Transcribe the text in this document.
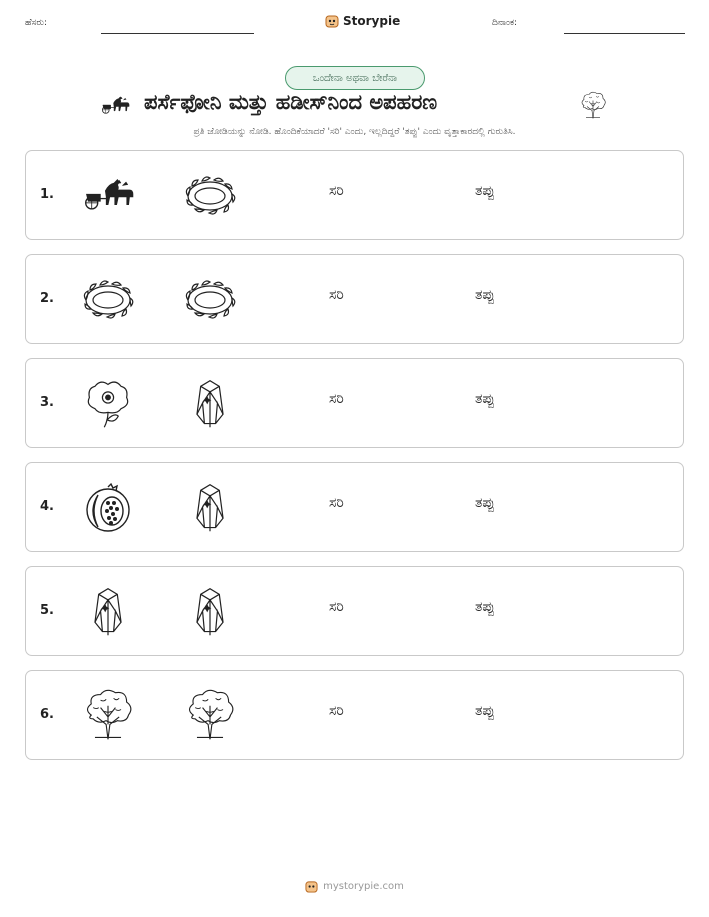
ಹೆಸರು:	Storypie	ದಿನಾಂಕ:
ಒಂದೇನಾ ಅಥವಾ ಬೇರೆನಾ
ಪರ್ಸೆಫೋನಿ ಮತ್ತು ಹಡೀಸ್‌ನಿಂದ ಅಪಹರಣ
ಪ್ರತಿ ಜೋಡಿಯನ್ನು ನೋಡಿ. ಹೊಂದಿಕೆಯಾದರೆ 'ಸರಿ' ಎಂದು, ಇಲ್ಲದಿದ್ದರೆ 'ತಪ್ಪು' ಎಂದು ವೃತ್ತಾಕಾರದಲ್ಲಿ ಗುರುತಿಸಿ.
1.	ಸರಿ	ತಪ್ಪು
2.	ಸರಿ	ತಪ್ಪು
3.	ಸರಿ	ತಪ್ಪು
4.	ಸರಿ	ತಪ್ಪು
5.	ಸರಿ	ತಪ್ಪು
6.	ಸರಿ	ತಪ್ಪು
mystorypie.com
